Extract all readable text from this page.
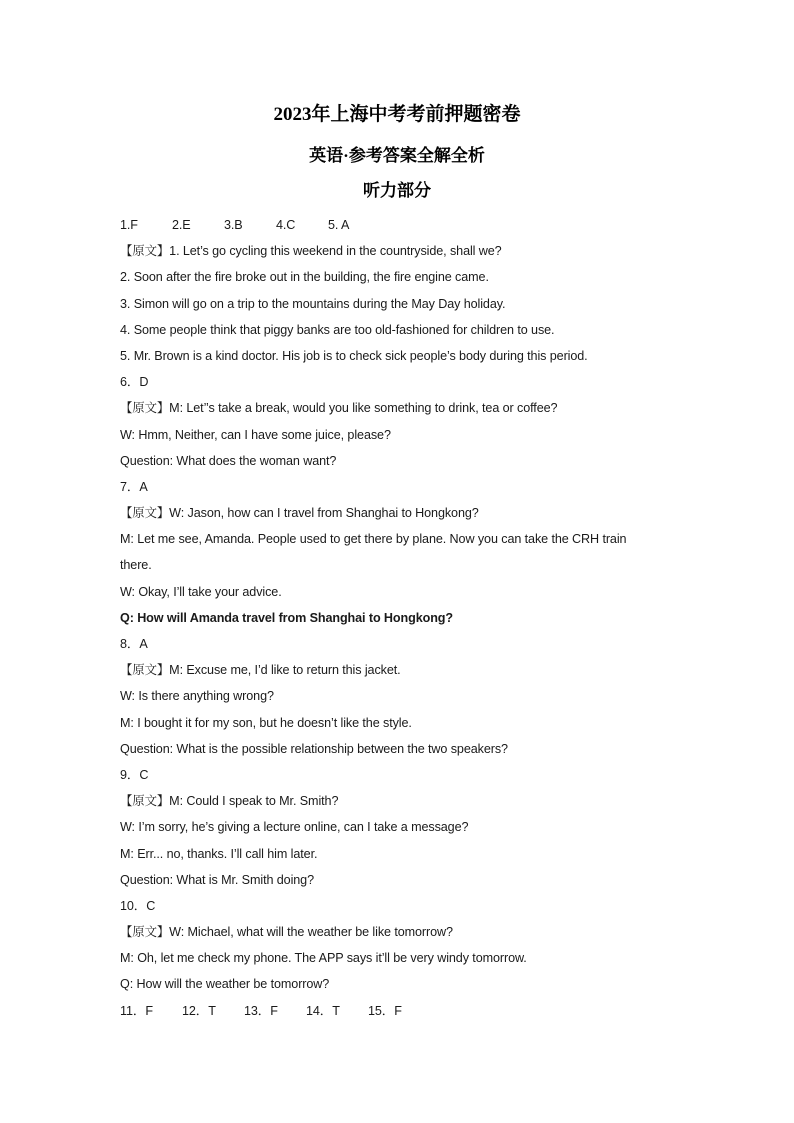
2023年上海中考考前押题密卷
英语·参考答案全解全析
听力部分
1.F	2.E	3.B	4.C	5. A
【原文】1. Let’s go cycling this weekend in the countryside, shall we?
2. Soon after the fire broke out in the building, the fire engine came.
3. Simon will go on a trip to the mountains during the May Day holiday.
4. Some people think that piggy banks are too old-fashioned for children to use.
5. Mr. Brown is a kind doctor. His job is to check sick people’s body during this period.
6．D
【原文】M: Let’’s take a break, would you like something to drink, tea or coffee?
W: Hmm, Neither, can I have some juice, please?
Question: What does the woman want?
7．A
【原文】W: Jason, how can I travel from Shanghai to Hongkong?
M: Let me see, Amanda. People used to get there by plane. Now you can take the CRH train
there.
W: Okay, I’ll take your advice.
Q: How will Amanda travel from Shanghai to Hongkong?
8．A
【原文】M: Excuse me, I’d like to return this jacket.
W: Is there anything wrong?
M: I bought it for my son, but he doesn’t like the style.
Question: What is the possible relationship between the two speakers?
9．C
【原文】M: Could I speak to Mr. Smith?
W: I’m sorry, he’s giving a lecture online, can I take a message?
M: Err... no, thanks. I’ll call him later.
Question: What is Mr. Smith doing?
10．C
【原文】W: Michael, what will the weather be like tomorrow?
M: Oh, let me check my phone. The APP says it’ll be very windy tomorrow.
Q: How will the weather be tomorrow?
11．F 12．T 13．F 14．T 15．F
